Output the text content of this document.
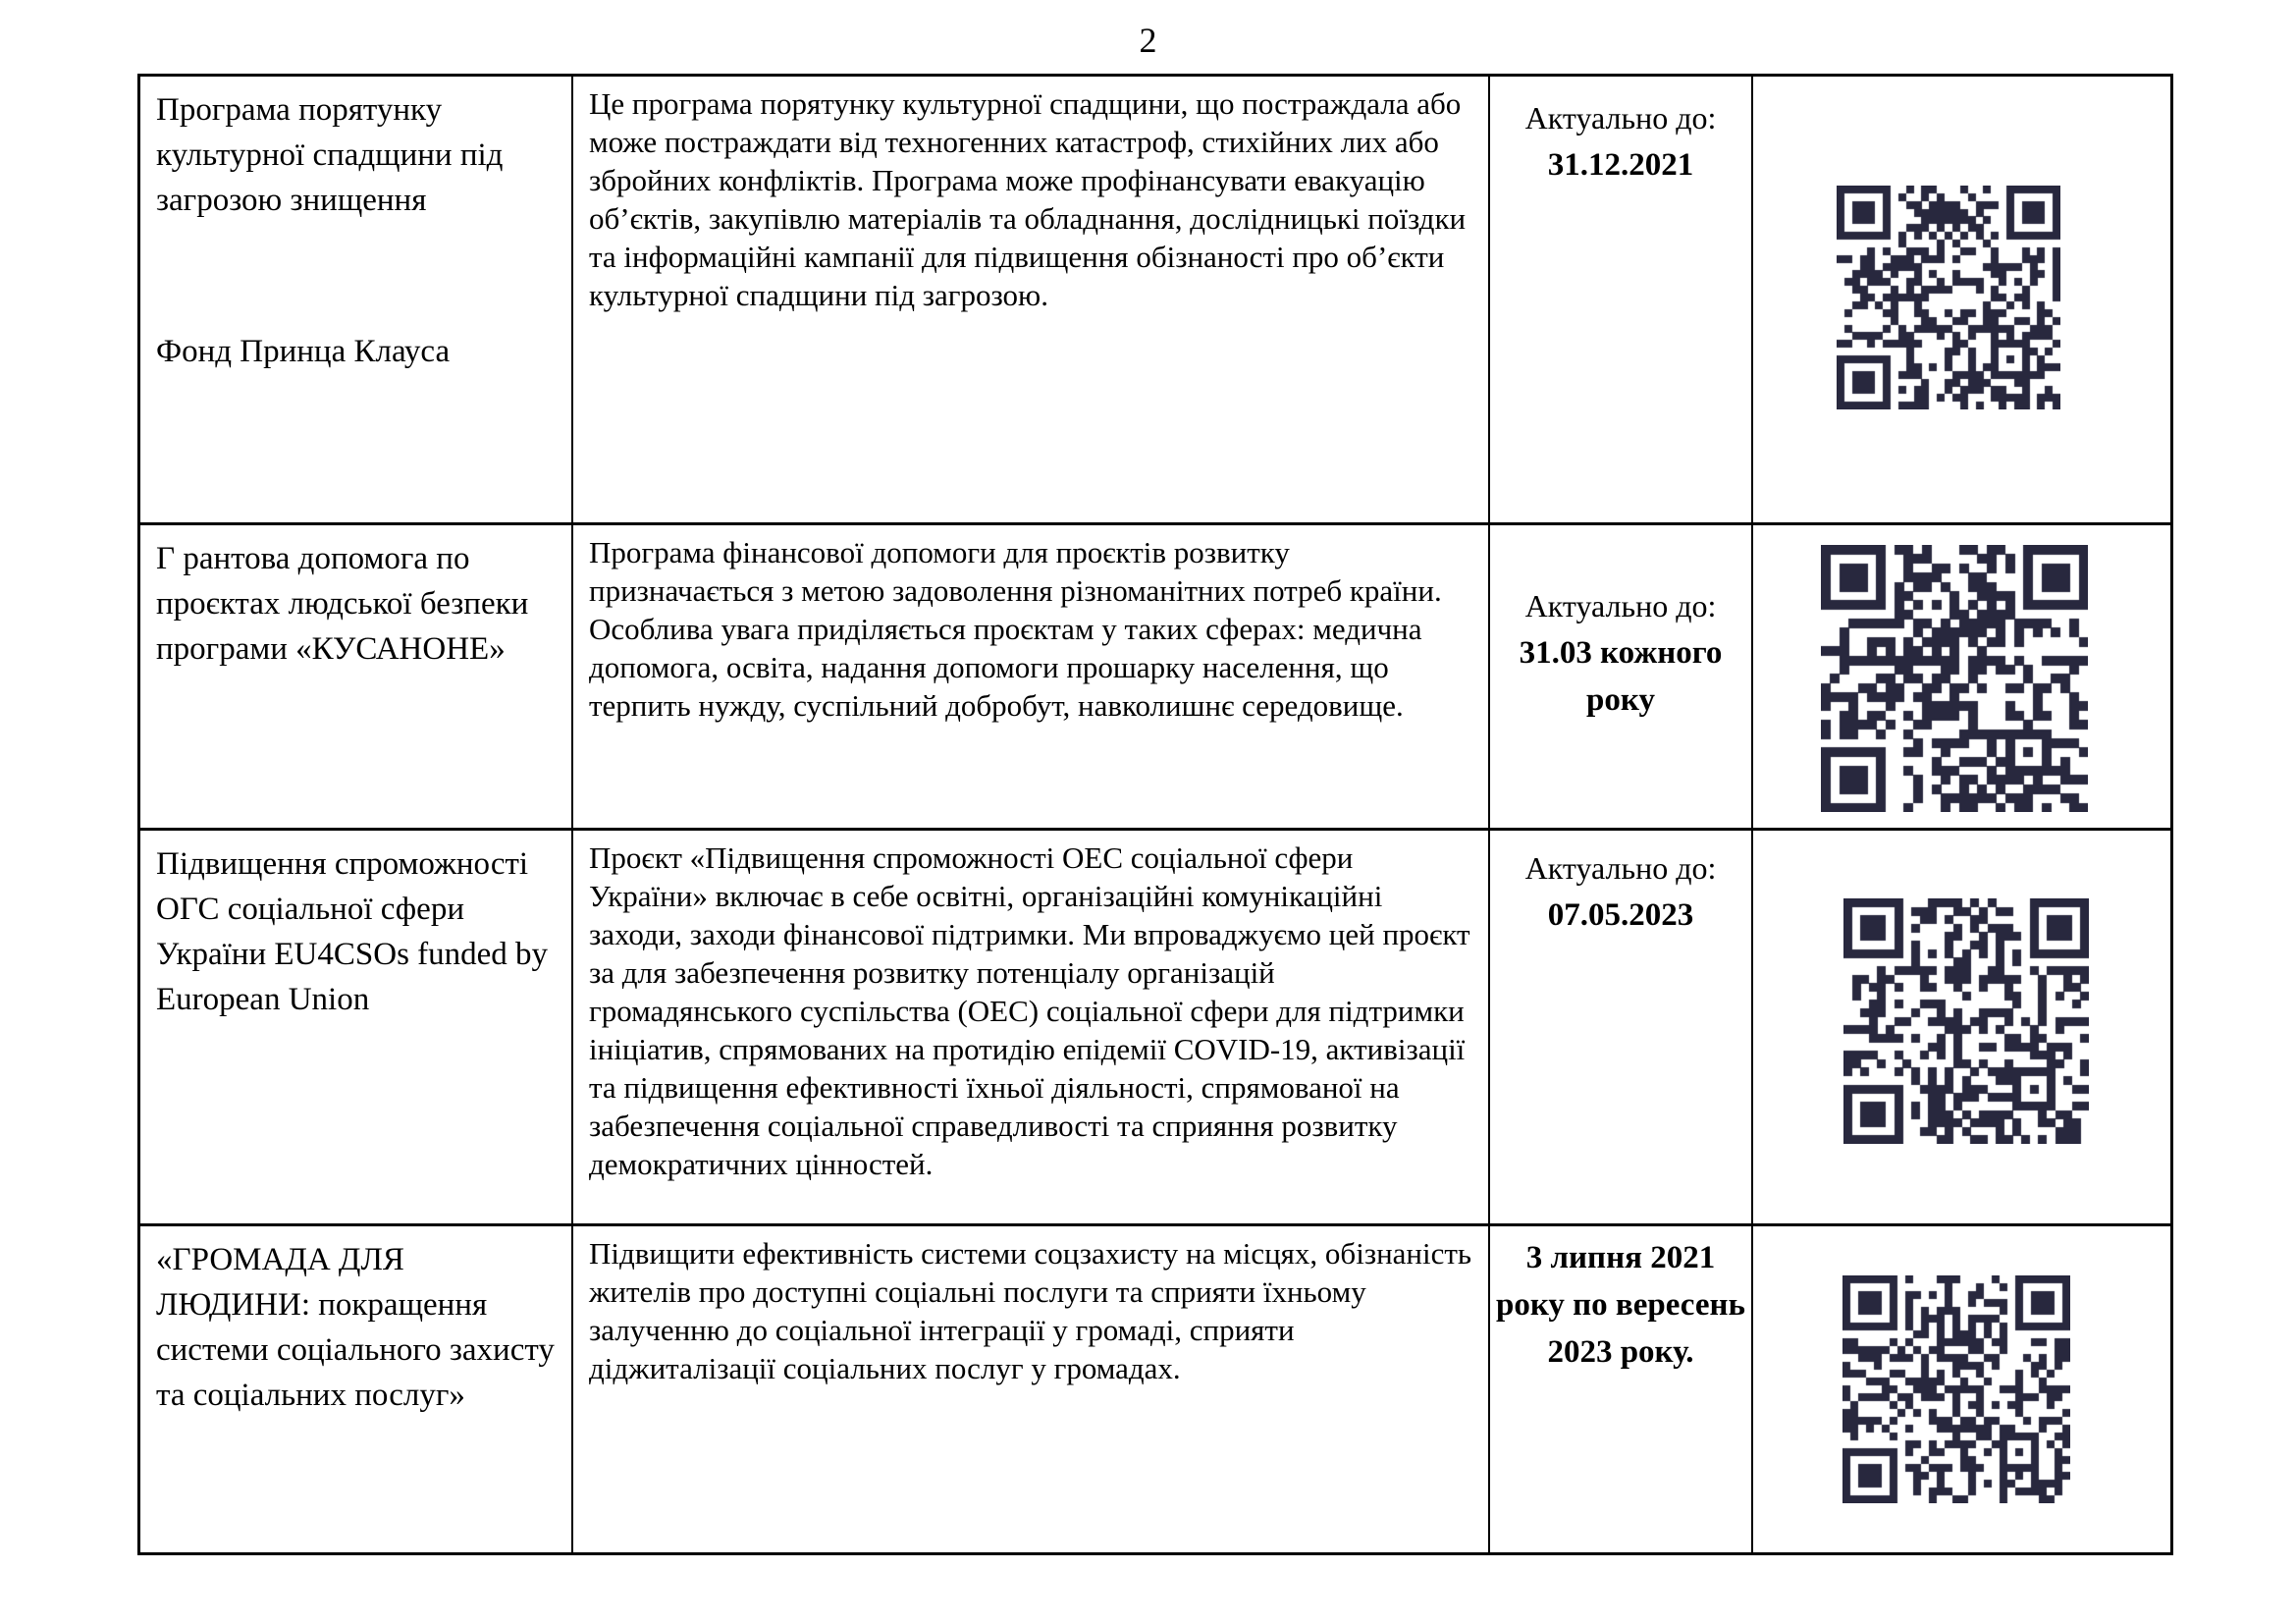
2
Програма порятунку культурної спадщини під загрозою знищення
Фонд Принца Клауса
Це програма порятунку культурної спадщини, що постраждала або може постраждати від техногенних катастроф, стихійних лих або збройних конфліктів. Програма може профінансувати евакуацію об’єктів, закупівлю матеріалів та обладнання, дослідницькі поїздки та інформаційні кампанії для підвищення обізнаності про об’єкти культурної спадщини під загрозою.
Актуально до:
31.12.2021
Г рантова допомога по проєктах людської безпеки програми «КУСАНОНЕ»
Програма фінансової допомоги для проєктів розвитку призначається з метою задоволення різноманітних потреб країни. Особлива увага приділяється проєктам у таких сферах: медична допомога, освіта, надання допомоги прошарку населення, що терпить нужду, суспільний добробут, навколишнє середовище.
Актуально до:
31.03 кожного року
Підвищення спроможності ОГС соціальної сфери України EU4CSOs funded by European Union
Проєкт «Підвищення спроможності ОЕС соціальної сфери України» включає в себе освітні, організаційні комунікаційні заходи, заходи фінансової підтримки. Ми впроваджуємо цей проєкт за для забезпечення розвитку потенціалу організацій громадянського суспільства (ОЕС) соціальної сфери для підтримки ініціатив, спрямованих на протидію епідемії COVID-19, активізації та підвищення ефективності їхньої діяльності, спрямованої на забезпечення соціальної справедливості та сприяння розвитку демократичних цінностей.
Актуально до:
07.05.2023
«ГРОМАДА ДЛЯ ЛЮДИНИ: покращення системи соціального захисту та соціальних послуг»
Підвищити ефективність системи соцзахисту на місцях, обізнаність жителів про доступні соціальні послуги та сприяти їхньому залученню до соціальної інтеграції у громаді, сприяти діджиталізації соціальних послуг у громадах.
3 липня 2021 року по вересень 2023 року.
